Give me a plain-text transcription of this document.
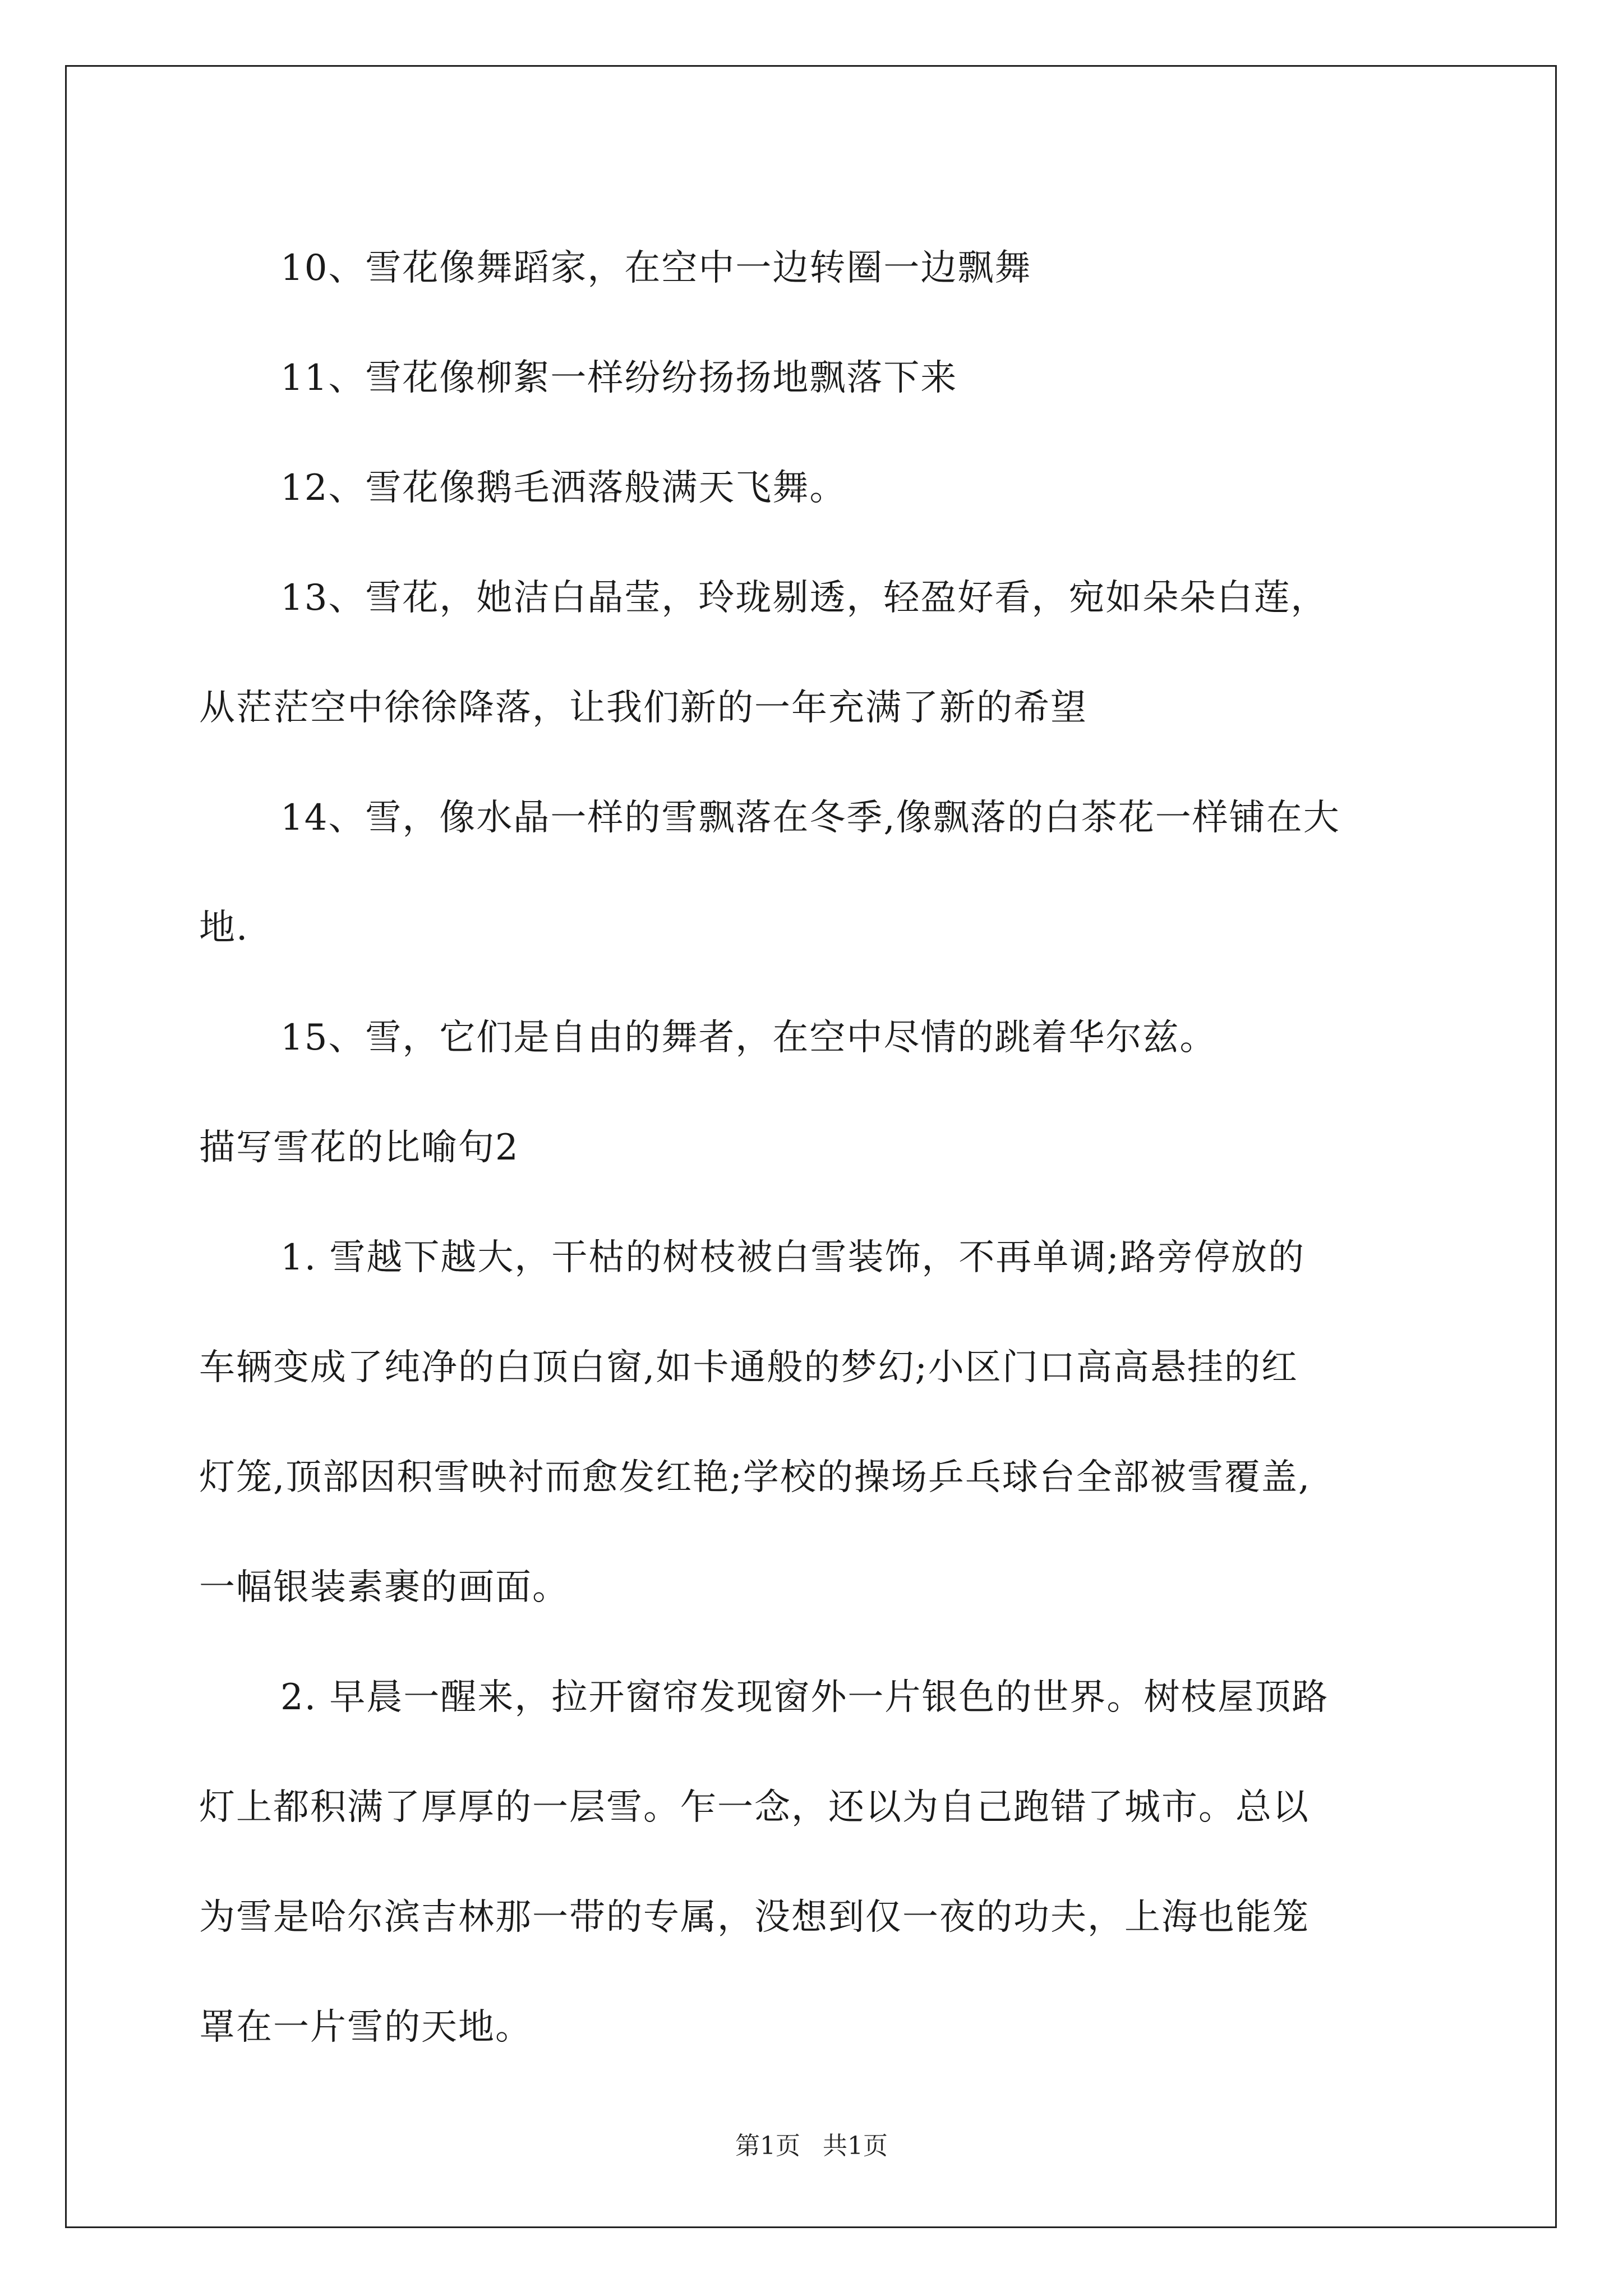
10、雪花像舞蹈家，在空中一边转圈一边飘舞

11、雪花像柳絮一样纷纷扬扬地飘落下来

12、雪花像鹅毛洒落般满天飞舞。

13、雪花，她洁白晶莹，玲珑剔透，轻盈好看，宛如朵朵白莲，

从茫茫空中徐徐降落，让我们新的一年充满了新的希望

14、雪，像水晶一样的雪飘落在冬季,像飘落的白茶花一样铺在大

地.

15、雪，它们是自由的舞者，在空中尽情的跳着华尔兹。

描写雪花的比喻句2

1. 雪越下越大，干枯的树枝被白雪装饰，不再单调;路旁停放的

车辆变成了纯净的白顶白窗,如卡通般的梦幻;小区门口高高悬挂的红

灯笼,顶部因积雪映衬而愈发红艳;学校的操场乒乓球台全部被雪覆盖,

一幅银装素裹的画面。

2. 早晨一醒来，拉开窗帘发现窗外一片银色的世界。树枝屋顶路

灯上都积满了厚厚的一层雪。乍一念，还以为自己跑错了城市。总以

为雪是哈尔滨吉林那一带的专属，没想到仅一夜的功夫，上海也能笼

罩在一片雪的天地。

第1页 共1页
